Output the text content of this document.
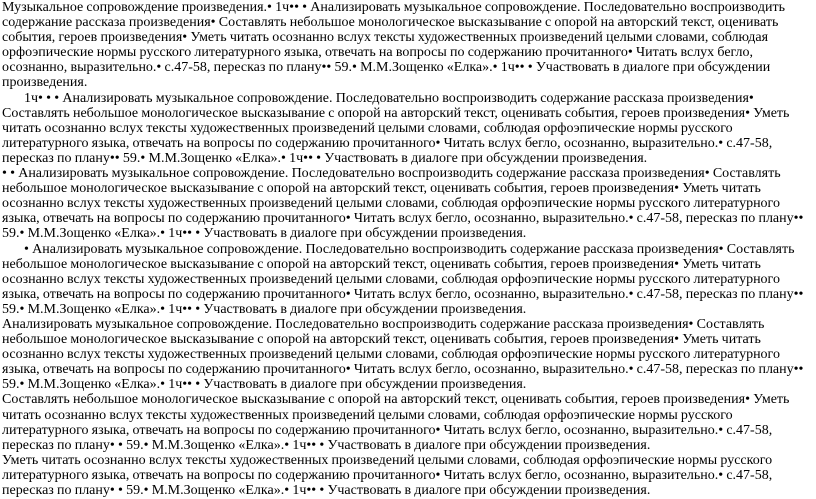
Музыкальное сопровождение произведения.• 1ч•• • Анализировать музыкальное сопровождение. Последовательно воспроизводить содержание рассказа произведения• Составлять небольшое монологическое высказывание с опорой на авторский текст, оценивать события, героев произведения• Уметь читать осознанно вслух тексты художественных произведений целыми словами, соблюдая орфоэпические нормы русского литературного языка, отвечать на вопросы по содержанию прочитанного• Читать вслух бегло, осознанно, выразительно.• с.47-58, пересказ по плану•• 59.• М.М.Зощенко «Елка».• 1ч•• • Участвовать в диалоге при обсуждении произведения.

1ч• • • Анализировать музыкальное сопровождение. Последовательно воспроизводить содержание рассказа произведения• Составлять небольшое монологическое высказывание с опорой на авторский текст, оценивать события, героев произведения• Уметь читать осознанно вслух тексты художественных произведений целыми словами, соблюдая орфоэпические нормы русского литературного языка, отвечать на вопросы по содержанию прочитанного• Читать вслух бегло, осознанно, выразительно.• с.47-58, пересказ по плану•• 59.• М.М.Зощенко «Елка».• 1ч•• • Участвовать в диалоге при обсуждении произведения.

• • Анализировать музыкальное сопровождение. Последовательно воспроизводить содержание рассказа произведения• Составлять небольшое монологическое высказывание с опорой на авторский текст, оценивать события, героев произведения• Уметь читать осознанно вслух тексты художественных произведений целыми словами, соблюдая орфоэпические нормы русского литературного языка, отвечать на вопросы по содержанию прочитанного• Читать вслух бегло, осознанно, выразительно.• с.47-58, пересказ по плану•• 59.• М.М.Зощенко «Елка».• 1ч•• • Участвовать в диалоге при обсуждении произведения.

• Анализировать музыкальное сопровождение. Последовательно воспроизводить содержание рассказа произведения• Составлять небольшое монологическое высказывание с опорой на авторский текст, оценивать события, героев произведения• Уметь читать осознанно вслух тексты художественных произведений целыми словами, соблюдая орфоэпические нормы русского литературного языка, отвечать на вопросы по содержанию прочитанного• Читать вслух бегло, осознанно, выразительно.• с.47-58, пересказ по плану•• 59.• М.М.Зощенко «Елка».• 1ч•• • Участвовать в диалоге при обсуждении произведения.

Анализировать музыкальное сопровождение. Последовательно воспроизводить содержание рассказа произведения• Составлять небольшое монологическое высказывание с опорой на авторский текст, оценивать события, героев произведения• Уметь читать осознанно вслух тексты художественных произведений целыми словами, соблюдая орфоэпические нормы русского литературного языка, отвечать на вопросы по содержанию прочитанного• Читать вслух бегло, осознанно, выразительно.• с.47-58, пересказ по плану•• 59.• М.М.Зощенко «Елка».• 1ч•• • Участвовать в диалоге при обсуждении произведения.

Составлять небольшое монологическое высказывание с опорой на авторский текст, оценивать события, героев произведения• Уметь читать осознанно вслух тексты художественных произведений целыми словами, соблюдая орфоэпические нормы русского литературного языка, отвечать на вопросы по содержанию прочитанного• Читать вслух бегло, осознанно, выразительно.• с.47-58, пересказ по плану• • 59.• М.М.Зощенко «Елка».• 1ч•• • Участвовать в диалоге при обсуждении произведения.

Уметь читать осознанно вслух тексты художественных произведений целыми словами, соблюдая орфоэпические нормы русского литературного языка, отвечать на вопросы по содержанию прочитанного• Читать вслух бегло, осознанно, выразительно.• с.47-58, пересказ по плану• • 59.• М.М.Зощенко «Елка».• 1ч•• • Участвовать в диалоге при обсуждении произведения.
